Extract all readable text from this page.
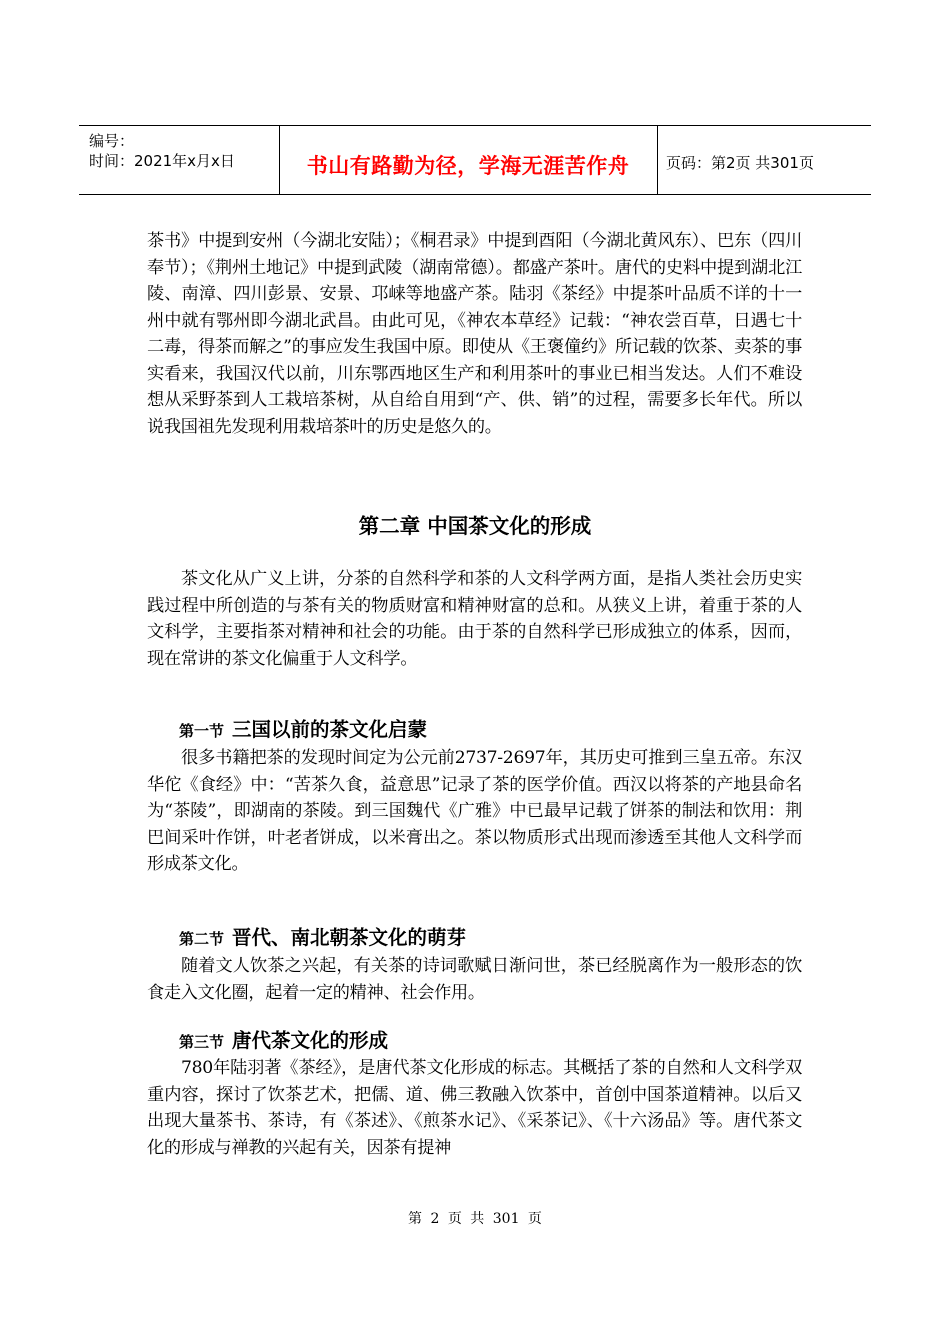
编号：
时间：2021年x月x日	书山有路勤为径，学海无涯苦作舟	页码：第2页 共301页

茶书》中提到安州（今湖北安陆）；《桐君录》中提到酉阳（今湖北黄风东）、巴东（四川奉节）；《荆州土地记》中提到武陵（湖南常德）。都盛产茶叶。唐代的史料中提到湖北江陵、南漳、四川彭景、安景、邛崃等地盛产茶。陆羽《茶经》中提茶叶品质不详的十一州中就有鄂州即今湖北武昌。由此可见，《神农本草经》记载：“神农尝百草，日遇七十二毒，得茶而解之”的事应发生我国中原。即使从《王褒僮约》所记载的饮茶、卖茶的事实看来，我国汉代以前，川东鄂西地区生产和利用茶叶的事业已相当发达。人们不难设想从采野茶到人工栽培茶树，从自给自用到“产、供、销”的过程，需要多长年代。所以说我国祖先发现利用栽培茶叶的历史是悠久的。

第二章 中国茶文化的形成

茶文化从广义上讲，分茶的自然科学和茶的人文科学两方面，是指人类社会历史实践过程中所创造的与茶有关的物质财富和精神财富的总和。从狭义上讲，着重于茶的人文科学，主要指茶对精神和社会的功能。由于茶的自然科学已形成独立的体系，因而，现在常讲的茶文化偏重于人文科学。

第一节 三国以前的茶文化启蒙

很多书籍把茶的发现时间定为公元前2737-2697年，其历史可推到三皇五帝。东汉华佗《食经》中：“苦茶久食，益意思”记录了茶的医学价值。西汉以将茶的产地县命名为“茶陵”，即湖南的茶陵。到三国魏代《广雅》中已最早记载了饼茶的制法和饮用：荆巴间采叶作饼，叶老者饼成，以米膏出之。茶以物质形式出现而渗透至其他人文科学而形成茶文化。

第二节 晋代、南北朝茶文化的萌芽

随着文人饮茶之兴起，有关茶的诗词歌赋日渐问世，茶已经脱离作为一般形态的饮食走入文化圈，起着一定的精神、社会作用。

第三节 唐代茶文化的形成

780年陆羽著《茶经》，是唐代茶文化形成的标志。其概括了茶的自然和人文科学双重内容，探讨了饮茶艺术，把儒、道、佛三教融入饮茶中，首创中国茶道精神。以后又出现大量茶书、茶诗，有《茶述》、《煎茶水记》、《采茶记》、《十六汤品》等。唐代茶文化的形成与禅教的兴起有关，因茶有提神

第 2 页 共 301 页
